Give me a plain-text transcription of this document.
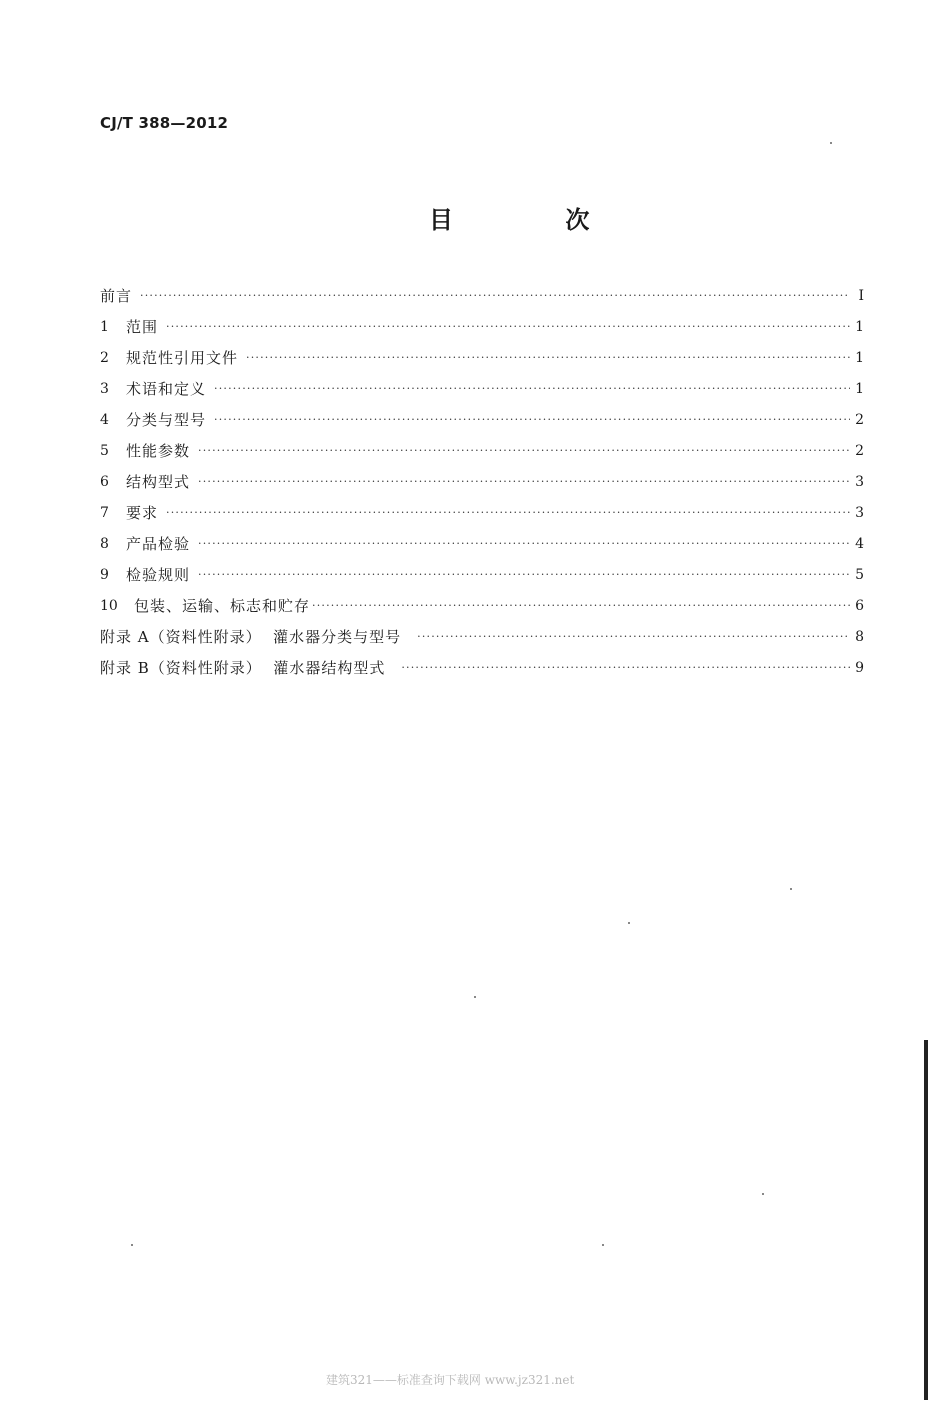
CJ/T 388—2012
目 次
前言 ·····	I
1	范围 ·····	1
2	规范性引用文件 ·····	1
3	术语和定义 ·····	1
4	分类与型号 ·····	2
5	性能参数 ·····	2
6	结构型式 ·····	3
7	要求 ·····	3
8	产品检验 ·····	4
9	检验规则 ·····	5
10	包装、运输、标志和贮存 ·····	6
附录 A（资料性附录）  灌水器分类与型号 ·····	8
附录 B（资料性附录）  灌水器结构型式 ·····	9
建筑321——标准查询下载网 www.jz321.net
